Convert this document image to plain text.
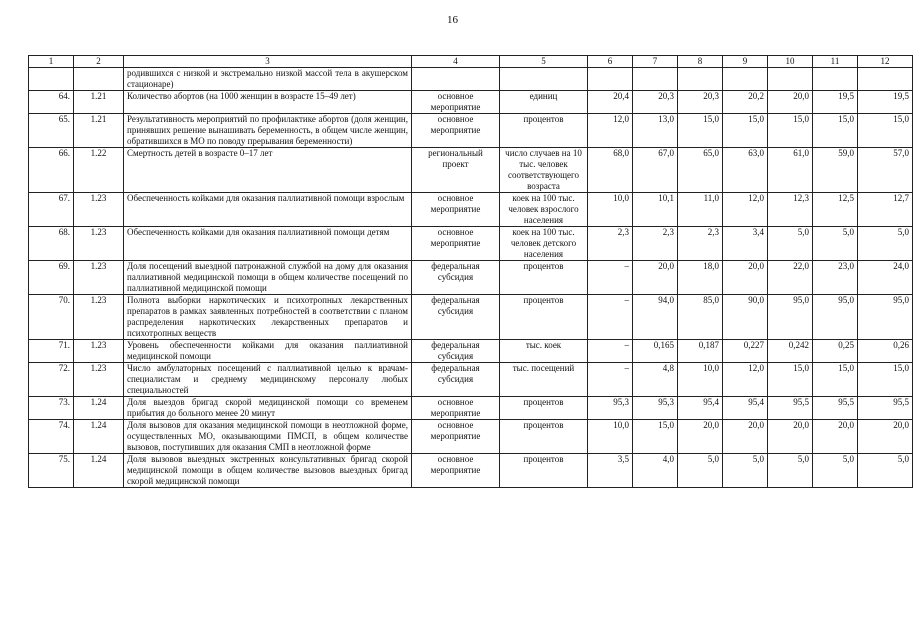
16
1	2	3	4	5	6	7	8	9	10	11	12
		родившихся с низкой и экстремально низкой массой тела в акушерском стационаре)									
64.	1.21	Количество абортов (на 1000 женщин в возрасте 15–49 лет)	основное мероприятие	единиц	20,4	20,3	20,3	20,2	20,0	19,5	19,5
65.	1.21	Результативность мероприятий по профилактике абортов (доля женщин, принявших решение вынашивать беременность, в общем числе женщин, обратившихся в МО по поводу прерывания беременности)	основное мероприятие	процентов	12,0	13,0	15,0	15,0	15,0	15,0	15,0
66.	1.22	Смертность детей в возрасте 0–17 лет	региональный проект	число случаев на 10 тыс. человек соответствующего возраста	68,0	67,0	65,0	63,0	61,0	59,0	57,0
67.	1.23	Обеспеченность койками для оказания паллиативной помощи взрослым	основное мероприятие	коек на 100 тыс. человек взрослого населения	10,0	10,1	11,0	12,0	12,3	12,5	12,7
68.	1.23	Обеспеченность койками для оказания паллиативной помощи детям	основное мероприятие	коек на 100 тыс. человек детского населения	2,3	2,3	2,3	3,4	5,0	5,0	5,0
69.	1.23	Доля посещений выездной патронажной службой на дому для оказания паллиативной медицинской помощи в общем количестве посещений по паллиативной медицинской помощи	федеральная субсидия	процентов	–	20,0	18,0	20,0	22,0	23,0	24,0
70.	1.23	Полнота выборки наркотических и психотропных лекарственных препаратов в рамках заявленных потребностей в соответствии с планом распределения наркотических лекарственных препаратов и психотропных веществ	федеральная субсидия	процентов	–	94,0	85,0	90,0	95,0	95,0	95,0
71.	1.23	Уровень обеспеченности койками для оказания паллиативной медицинской помощи	федеральная субсидия	тыс. коек	–	0,165	0,187	0,227	0,242	0,25	0,26
72.	1.23	Число амбулаторных посещений с паллиативной целью к врачам-специалистам и среднему медицинскому персоналу любых специальностей	федеральная субсидия	тыс. посещений	–	4,8	10,0	12,0	15,0	15,0	15,0
73.	1.24	Доля выездов бригад скорой медицинской помощи со временем прибытия до больного менее 20 минут	основное мероприятие	процентов	95,3	95,3	95,4	95,4	95,5	95,5	95,5
74.	1.24	Доля вызовов для оказания медицинской помощи в неотложной форме, осуществленных МО, оказывающими ПМСП, в общем количестве вызовов, поступивших для оказания СМП в неотложной форме	основное мероприятие	процентов	10,0	15,0	20,0	20,0	20,0	20,0	20,0
75.	1.24	Доля вызовов выездных экстренных консультативных бригад скорой медицинской помощи в общем количестве вызовов выездных бригад скорой медицинской помощи	основное мероприятие	процентов	3,5	4,0	5,0	5,0	5,0	5,0	5,0
